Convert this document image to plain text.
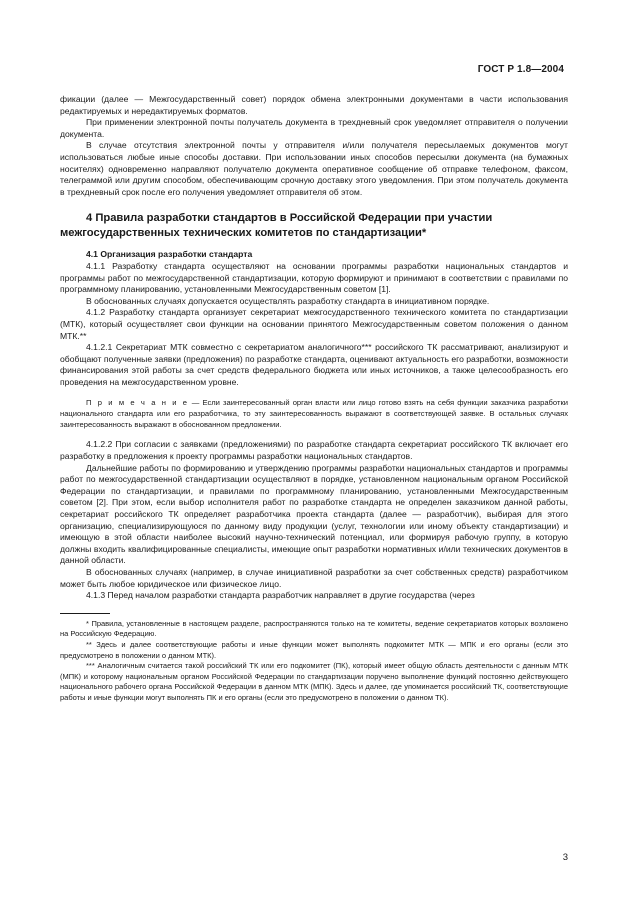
ГОСТ Р 1.8—2004

фикации (далее — Межгосударственный совет) порядок обмена электронными документами в части использования редактируемых и нередактируемых форматов.

При применении электронной почты получатель документа в трехдневный срок уведомляет отправителя о получении документа.

В случае отсутствия электронной почты у отправителя и/или получателя пересылаемых документов могут использоваться любые иные способы доставки. При использовании иных способов пересылки документа (на бумажных носителях) одновременно направляют получателю документа оперативное сообщение об отправке телефоном, факсом, телеграммой или другим способом, обеспечивающим срочную доставку этого уведомления. При этом получатель документа в трехдневный срок после его получения уведомляет отправителя об этом.

4 Правила разработки стандартов в Российской Федерации при участии межгосударственных технических комитетов по стандартизации*

4.1 Организация разработки стандарта

4.1.1 Разработку стандарта осуществляют на основании программы разработки национальных стандартов и программы работ по межгосударственной стандартизации, которую формируют и принимают в соответствии с правилами по программному планированию, установленными Межгосударственным советом [1].

В обоснованных случаях допускается осуществлять разработку стандарта в инициативном порядке.

4.1.2 Разработку стандарта организует секретариат межгосударственного технического комитета по стандартизации (МТК), который осуществляет свои функции на основании принятого Межгосударственным советом положения о данном МТК.**

4.1.2.1 Секретариат МТК совместно с секретариатом аналогичного*** российского ТК рассматривают, анализируют и обобщают полученные заявки (предложения) по разработке стандарта, оценивают актуальность его разработки, возможности финансирования этой работы за счет средств федерального бюджета или иных источников, а также целесообразность его проведения на межгосударственном уровне.

П р и м е ч а н и е — Если заинтересованный орган власти или лицо готово взять на себя функции заказчика разработки национального стандарта или его разработчика, то эту заинтересованность выражают в соответствующей заявке. В остальных случаях заинтересованность выражают в обоснованном предложении.

4.1.2.2 При согласии с заявками (предложениями) по разработке стандарта секретариат российского ТК включает его разработку в предложения к проекту программы разработки национальных стандартов.

Дальнейшие работы по формированию и утверждению программы разработки национальных стандартов и программы работ по межгосударственной стандартизации осуществляют в порядке, установленном национальным органом Российской Федерации по стандартизации, и правилами по программному планированию, установленными Межгосударственным советом [2]. При этом, если выбор исполнителя работ по разработке стандарта не определен заказчиком данной работы, секретариат российского ТК определяет разработчика проекта стандарта (далее — разработчик), выбирая для этого организацию, специализирующуюся по данному виду продукции (услуг, технологии или иному объекту стандартизации) и имеющую в этой области наиболее высокий научно-технический потенциал, или формируя рабочую группу, в которую должны входить квалифицированные специалисты, имеющие опыт разработки нормативных и/или технических документов в данной области.

В обоснованных случаях (например, в случае инициативной разработки за счет собственных средств) разработчиком может быть любое юридическое или физическое лицо.

4.1.3 Перед началом разработки стандарта разработчик направляет в другие государства (через

* Правила, установленные в настоящем разделе, распространяются только на те комитеты, ведение секретариатов которых возложено на Российскую Федерацию.

** Здесь и далее соответствующие работы и иные функции может выполнять подкомитет МТК — МПК и его органы (если это предусмотрено в положении о данном МТК).

*** Аналогичным считается такой российский ТК или его подкомитет (ПК), который имеет общую область деятельности с данным МТК (МПК) и которому национальным органом Российской Федерации по стандартизации поручено выполнение функций постоянно действующего национального рабочего органа Российской Федерации в данном МТК (МПК). Здесь и далее, где упоминается российский ТК, соответствующие работы и иные функции могут выполнять ПК и его органы (если это предусмотрено в положении о данном ТК).

3
